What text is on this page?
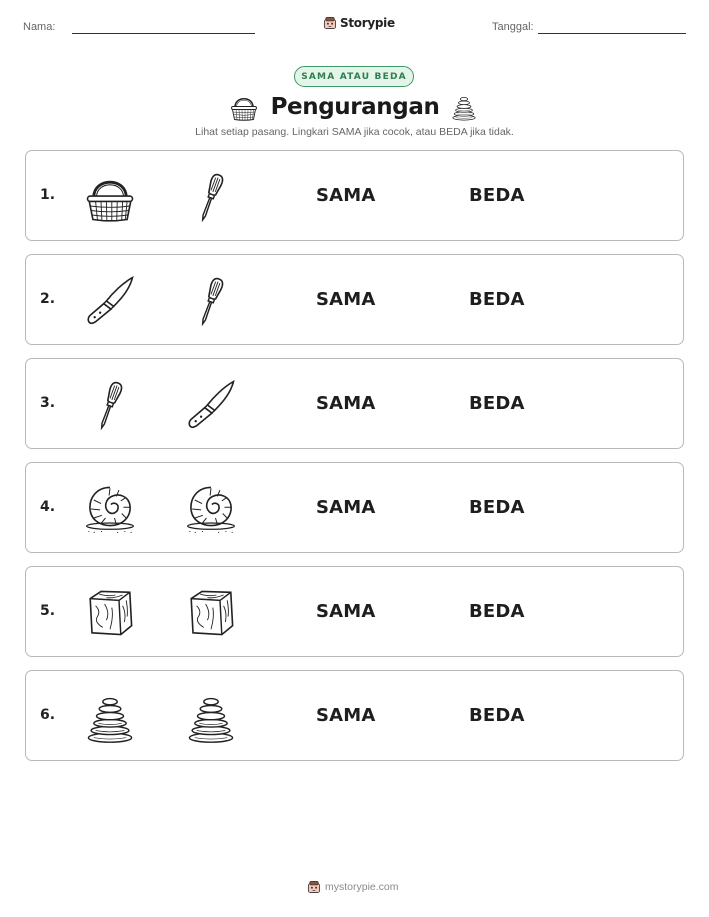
Nama:	Storypie	Tanggal:
SAMA ATAU BEDA
Pengurangan
Lihat setiap pasang. Lingkari SAMA jika cocok, atau BEDA jika tidak.
1.	SAMA	BEDA
2.	SAMA	BEDA
3.	SAMA	BEDA
4.	SAMA	BEDA
5.	SAMA	BEDA
6.	SAMA	BEDA
mystorypie.com
